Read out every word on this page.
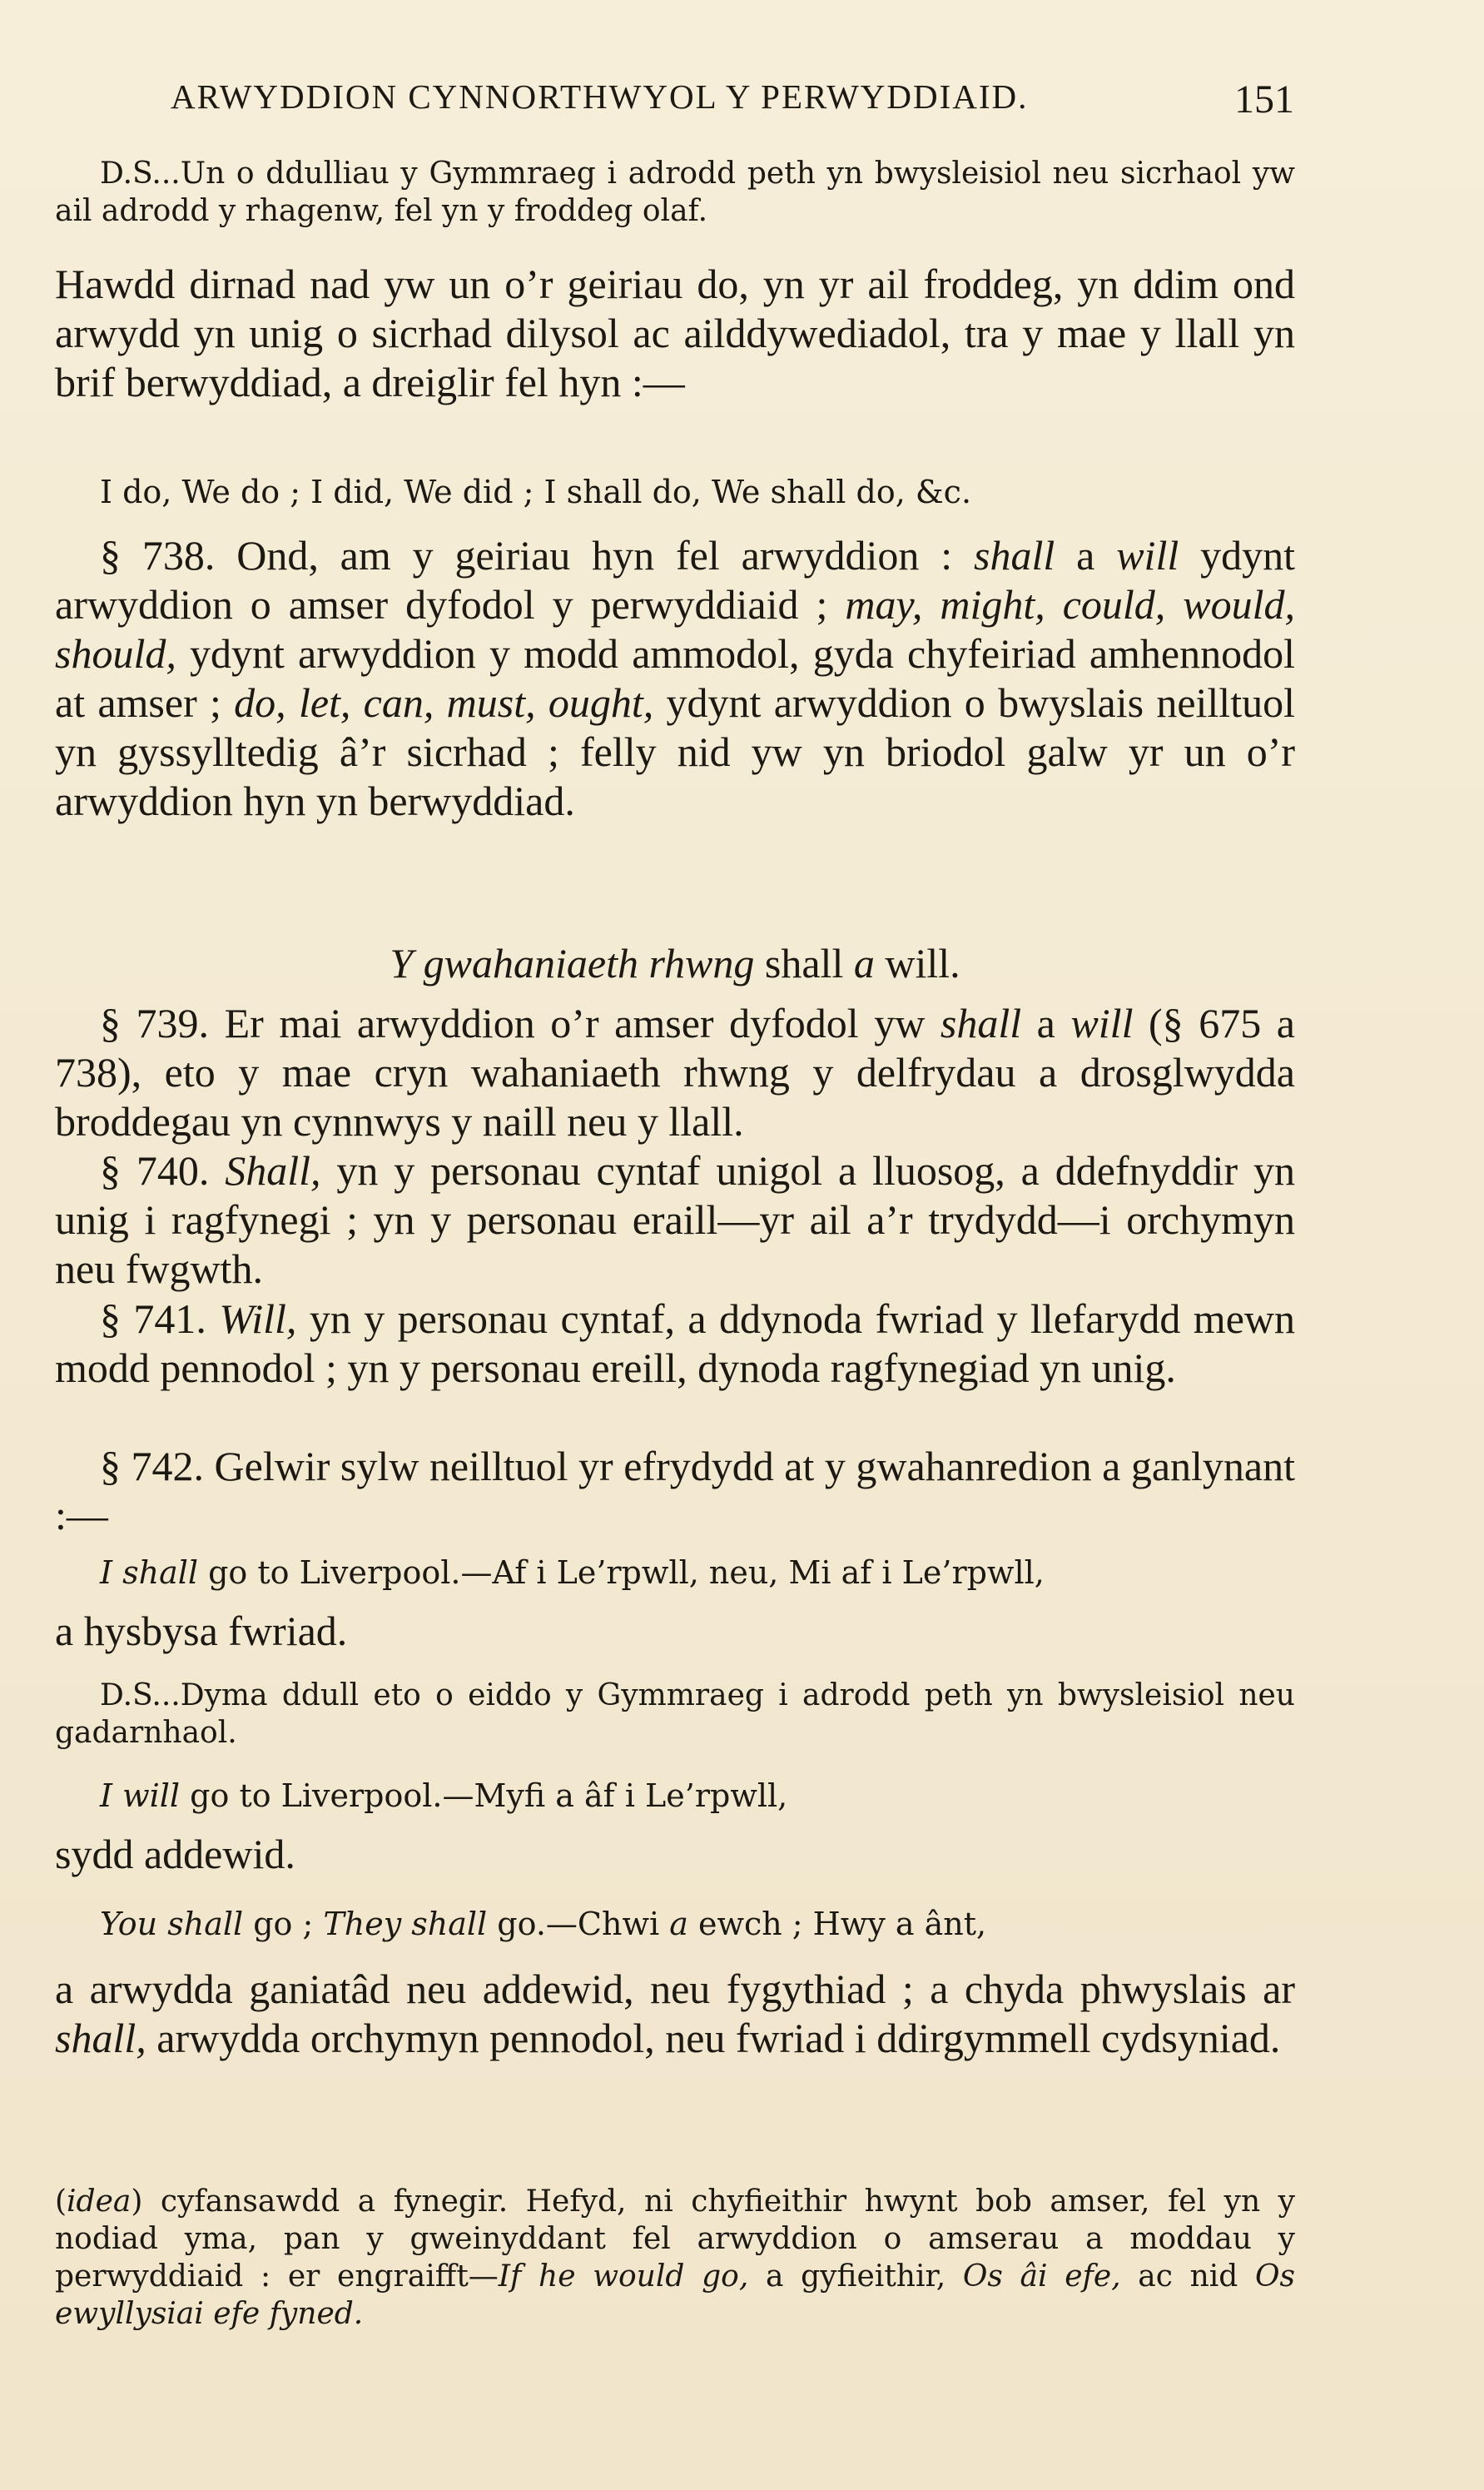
ARWYDDION CYNNORTHWYOL Y PERWYDDIAID.	151
D.S...Un o ddulliau y Gymmraeg i adrodd peth yn bwysleisiol neu sicrhaol yw ail adrodd y rhagenw, fel yn y froddeg olaf.
Hawdd dirnad nad yw un o’r geiriau do, yn yr ail froddeg, yn ddim ond arwydd yn unig o sicrhad dilysol ac ailddywediadol, tra y mae y llall yn brif berwyddiad, a dreiglir fel hyn :—
I do, We do ; I did, We did ; I shall do, We shall do, &c.
§ 738. Ond, am y geiriau hyn fel arwyddion : shall a will ydynt arwyddion o amser dyfodol y perwyddiaid ; may, might, could, would, should, ydynt arwyddion y modd ammodol, gyda chyfeiriad amhennodol at amser ; do, let, can, must, ought, ydynt arwyddion o bwyslais neilltuol yn gyssylltedig â’r sicrhad ; felly nid yw yn briodol galw yr un o’r arwyddion hyn yn berwyddiad.
Y gwahaniaeth rhwng shall a will.
§ 739. Er mai arwyddion o’r amser dyfodol yw shall a will (§ 675 a 738), eto y mae cryn wahaniaeth rhwng y delfrydau a drosglwydda broddegau yn cynnwys y naill neu y llall.
§ 740. Shall, yn y personau cyntaf unigol a lluosog, a ddefnyddir yn unig i ragfynegi ; yn y personau eraill—yr ail a’r trydydd—i orchymyn neu fwgwth.
§ 741. Will, yn y personau cyntaf, a ddynoda fwriad y llefarydd mewn modd pennodol ; yn y personau ereill, dynoda ragfynegiad yn unig.
§ 742. Gelwir sylw neilltuol yr efrydydd at y gwahanredion a ganlynant :—
I shall go to Liverpool.—Af i Le’rpwll, neu, Mi af i Le’rpwll,
a hysbysa fwriad.
D.S...Dyma ddull eto o eiddo y Gymmraeg i adrodd peth yn bwysleisiol neu gadarnhaol.
I will go to Liverpool.—Myfi a âf i Le’rpwll,
sydd addewid.
You shall go ; They shall go.—Chwi a ewch ; Hwy a ânt,
a arwydda ganiatâd neu addewid, neu fygythiad ; a chyda phwyslais ar shall, arwydda orchymyn pennodol, neu fwriad i ddirgymmell cydsyniad.
(idea) cyfansawdd a fynegir. Hefyd, ni chyfieithir hwynt bob amser, fel yn y nodiad yma, pan y gweinyddant fel arwyddion o amserau a moddau y perwyddiaid : er engraifft—If he would go, a gyfieithir, Os âi efe, ac nid Os ewyllysiai efe fyned.
